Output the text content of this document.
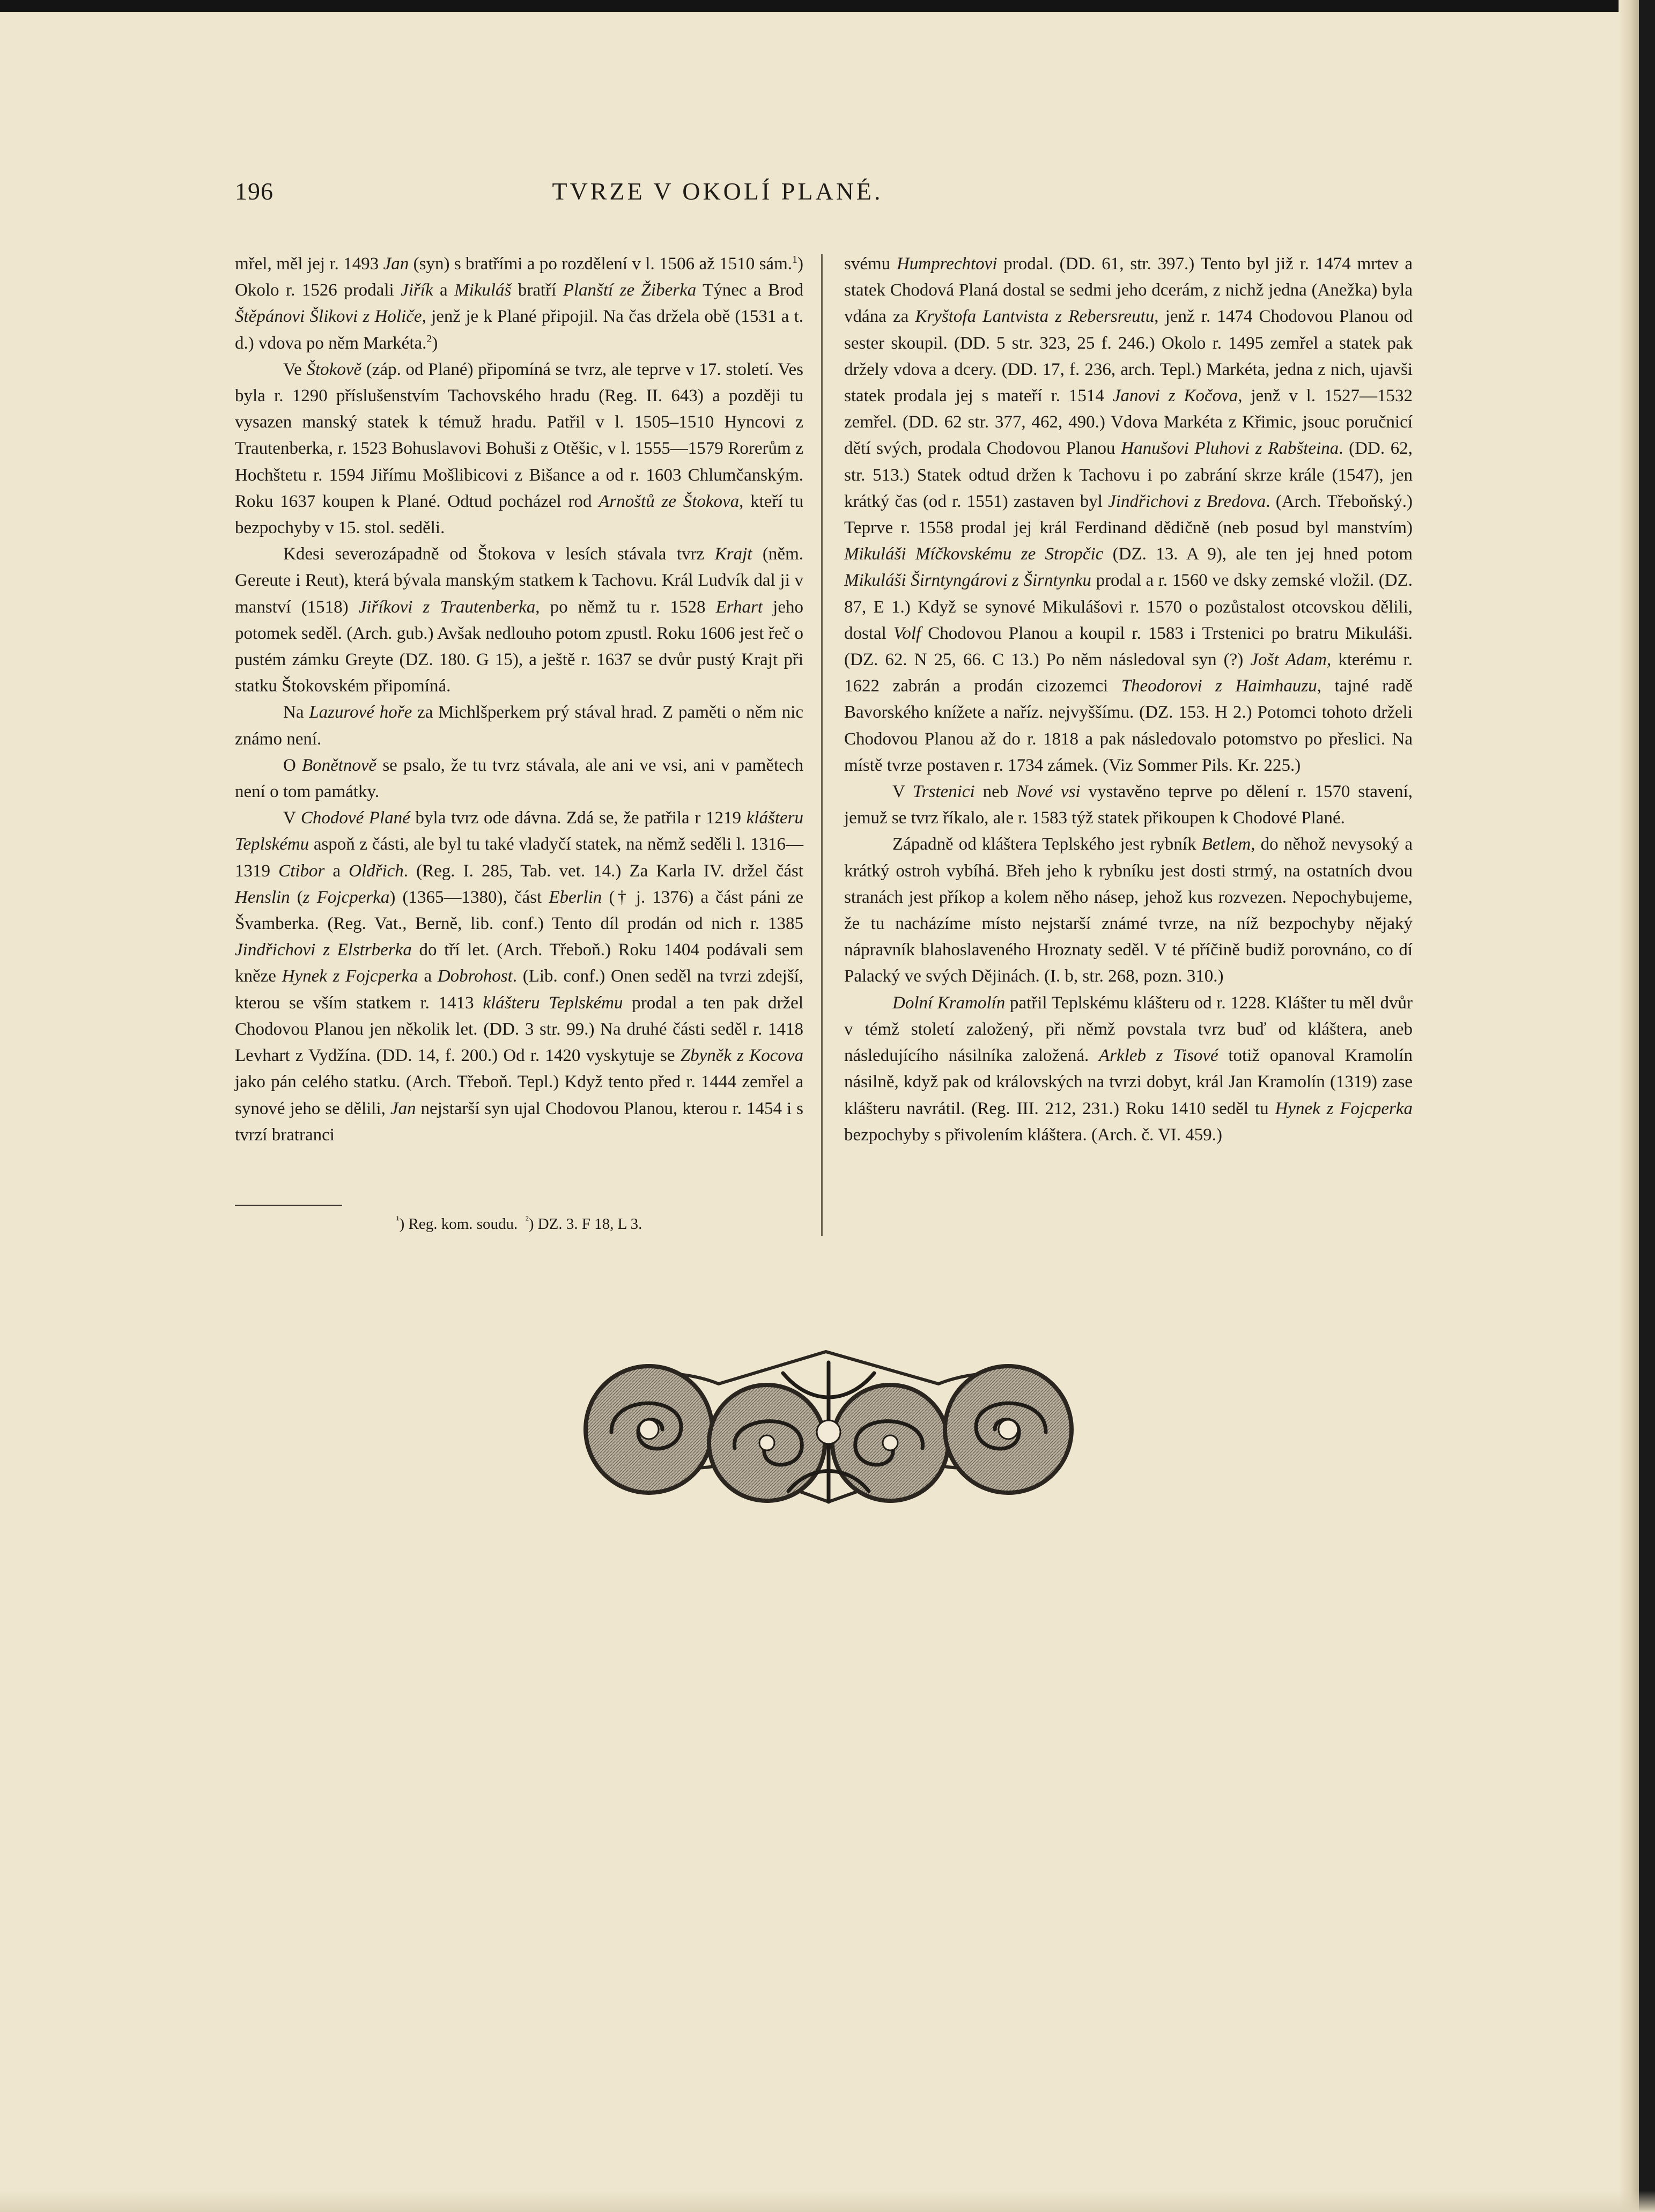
196	TVRZE V OKOLÍ PLANÉ.

mřel, měl jej r. 1493 Jan (syn) s bratřími a po rozdělení v l. 1506 až 1510 sám.$^1$) Okolo r. 1526 prodali Jiřík a Mikuláš bratří Planští ze Žiberka Týnec a Brod Štěpánovi Šlikovi z Holiče, jenž je k Plané připojil. Na čas držela obě (1531 a t. d.) vdova po něm Markéta.$^2$)

Ve Štokově (záp. od Plané) připomíná se tvrz, ale teprve v 17. století. Ves byla r. 1290 příslušenstvím Tachovského hradu (Reg. II. 643) a později tu vysazen manský statek k témuž hradu. Patřil v l. 1505–1510 Hyncovi z Trautenberka, r. 1523 Bohuslavovi Bohuši z Otěšic, v l. 1555—1579 Rorerům z Hochštetu r. 1594 Jiřímu Mošlibicovi z Bišance a od r. 1603 Chlumčanským. Roku 1637 koupen k Plané. Odtud pocházel rod Arnoštů ze Štokova, kteří tu bezpochyby v 15. stol. seděli.

Kdesi severozápadně od Štokova v lesích stávala tvrz Krajt (něm. Gereute i Reut), která bývala manským statkem k Tachovu. Král Ludvík dal ji v manství (1518) Jiříkovi z Trautenberka, po němž tu r. 1528 Erhart jeho potomek seděl. (Arch. gub.) Avšak nedlouho potom zpustl. Roku 1606 jest řeč o pustém zámku Greyte (DZ. 180. G 15), a ještě r. 1637 se dvůr pustý Krajt při statku Štokovském připomíná.

Na Lazurové hoře za Michlšperkem prý stával hrad. Z paměti o něm nic známo není.

O Bonětnově se psalo, že tu tvrz stávala, ale ani ve vsi, ani v pamětech není o tom památky.

V Chodové Plané byla tvrz ode dávna. Zdá se, že patřila r 1219 klášteru Teplskému aspoň z části, ale byl tu také vladyčí statek, na němž seděli l. 1316—1319 Ctibor a Oldřich. (Reg. I. 285, Tab. vet. 14.) Za Karla IV. držel část Henslin (z Fojcperka) (1365—1380), část Eberlin († j. 1376) a část páni ze Švamberka. (Reg. Vat., Berně, lib. conf.) Tento díl prodán od nich r. 1385 Jindřichovi z Elstrberka do tří let. (Arch. Třeboň.) Roku 1404 podávali sem kněze Hynek z Fojcperka a Dobrohost. (Lib. conf.) Onen seděl na tvrzi zdejší, kterou se vším statkem r. 1413 klášteru Teplskému prodal a ten pak držel Chodovou Planou jen několik let. (DD. 3 str. 99.) Na druhé části seděl r. 1418 Levhart z Vydžína. (DD. 14, f. 200.) Od r. 1420 vyskytuje se Zbyněk z Kocova jako pán celého statku. (Arch. Třeboň. Tepl.) Když tento před r. 1444 zemřel a synové jeho se dělili, Jan nejstarší syn ujal Chodovou Planou, kterou r. 1454 i s tvrzí bratranci

$^{^1}$) Reg. kom. soudu. $^{^2}$) DZ. 3. F 18, L 3.

svému Humprechtovi prodal. (DD. 61, str. 397.) Tento byl již r. 1474 mrtev a statek Chodová Planá dostal se sedmi jeho dcerám, z nichž jedna (Anežka) byla vdána za Kryštofa Lantvista z Rebersreutu, jenž r. 1474 Chodovou Planou od sester skoupil. (DD. 5 str. 323, 25 f. 246.) Okolo r. 1495 zemřel a statek pak držely vdova a dcery. (DD. 17, f. 236, arch. Tepl.) Markéta, jedna z nich, ujavši statek prodala jej s mateří r. 1514 Janovi z Kočova, jenž v l. 1527—1532 zemřel. (DD. 62 str. 377, 462, 490.) Vdova Markéta z Křimic, jsouc poručnicí dětí svých, prodala Chodovou Planou Hanušovi Pluhovi z Rabšteina. (DD. 62, str. 513.) Statek odtud držen k Tachovu i po zabrání skrze krále (1547), jen krátký čas (od r. 1551) zastaven byl Jindřichovi z Bredova. (Arch. Třeboňský.) Teprve r. 1558 prodal jej král Ferdinand dědičně (neb posud byl manstvím) Mikuláši Míčkovskému ze Stropčic (DZ. 13. A 9), ale ten jej hned potom Mikuláši Širntyngárovi z Širntynku prodal a r. 1560 ve dsky zemské vložil. (DZ. 87, E 1.) Když se synové Mikulášovi r. 1570 o pozůstalost otcovskou dělili, dostal Volf Chodovou Planou a koupil r. 1583 i Trstenici po bratru Mikuláši. (DZ. 62. N 25, 66. C 13.) Po něm následoval syn (?) Jošt Adam, kterému r. 1622 zabrán a prodán cizozemci Theodorovi z Haimhauzu, tajné radě Bavorského knížete a naříz. nejvyššímu. (DZ. 153. H 2.) Potomci tohoto drželi Chodovou Planou až do r. 1818 a pak následovalo potomstvo po přeslici. Na místě tvrze postaven r. 1734 zámek. (Viz Sommer Pils. Kr. 225.)

V Trstenici neb Nové vsi vystavěno teprve po dělení r. 1570 stavení, jemuž se tvrz říkalo, ale r. 1583 týž statek přikoupen k Chodové Plané.

Západně od kláštera Teplského jest rybník Betlem, do něhož nevysoký a krátký ostroh vybíhá. Břeh jeho k rybníku jest dosti strmý, na ostatních dvou stranách jest příkop a kolem něho násep, jehož kus rozvezen. Nepochybujeme, že tu nacházíme místo nejstarší známé tvrze, na níž bezpochyby nějaký nápravník blahoslaveného Hroznaty seděl. V té příčině budiž porovnáno, co dí Palacký ve svých Dějinách. (I. b, str. 268, pozn. 310.)

Dolní Kramolín patřil Teplskému klášteru od r. 1228. Klášter tu měl dvůr v témž století založený, při němž povstala tvrz buď od kláštera, aneb následujícího násilníka založená. Arkleb z Tisové totiž opanoval Kramolín násilně, když pak od královských na tvrzi dobyt, král Jan Kramolín (1319) zase klášteru navrátil. (Reg. III. 212, 231.) Roku 1410 seděl tu Hynek z Fojcperka bezpochyby s přivolením kláštera. (Arch. č. VI. 459.)
